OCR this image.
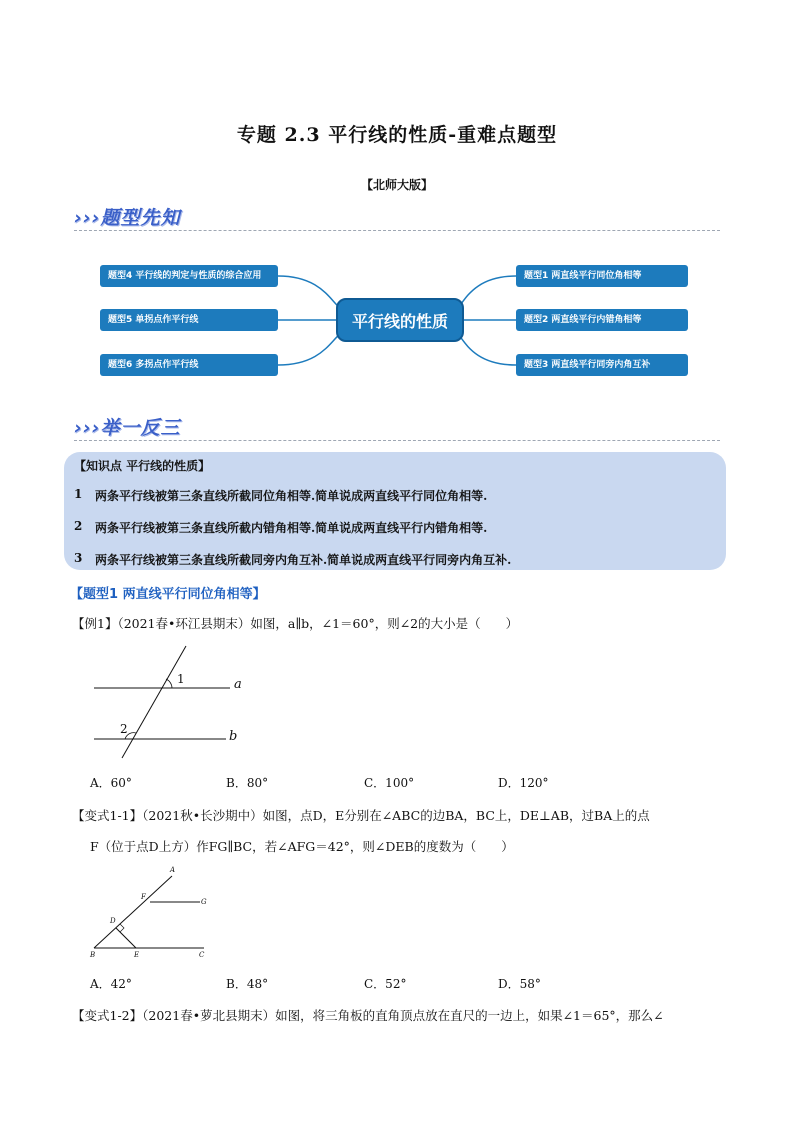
专题 2.3 平行线的性质-重难点题型
【北师大版】
›››题型先知
题型4 平行线的判定与性质的综合应用
题型5 单拐点作平行线
题型6 多拐点作平行线
平行线的性质
题型1 两直线平行同位角相等
题型2 两直线平行内错角相等
题型3 两直线平行同旁内角互补
›››举一反三
【知识点 平行线的性质】
1 两条平行线被第三条直线所截同位角相等.简单说成两直线平行同位角相等.
2 两条平行线被第三条直线所截内错角相等.简单说成两直线平行内错角相等.
3 两条平行线被第三条直线所截同旁内角互补.简单说成两直线平行同旁内角互补.
【题型1 两直线平行同位角相等】
【例1】（2021春•环江县期末）如图，a∥b，∠1＝60°，则∠2的大小是（　　）
1
2
a
b
A．60°	B．80°	C．100°	D．120°
【变式1-1】（2021秋•长沙期中）如图，点D，E分别在∠ABC的边BA，BC上，DE⊥AB，过BA上的点
F（位于点D上方）作FG∥BC，若∠AFG＝42°，则∠DEB的度数为（　　）
A
F
G
D
B	E	C
A．42°	B．48°	C．52°	D．58°
【变式1-2】（2021春•萝北县期末）如图，将三角板的直角顶点放在直尺的一边上，如果∠1＝65°，那么∠
